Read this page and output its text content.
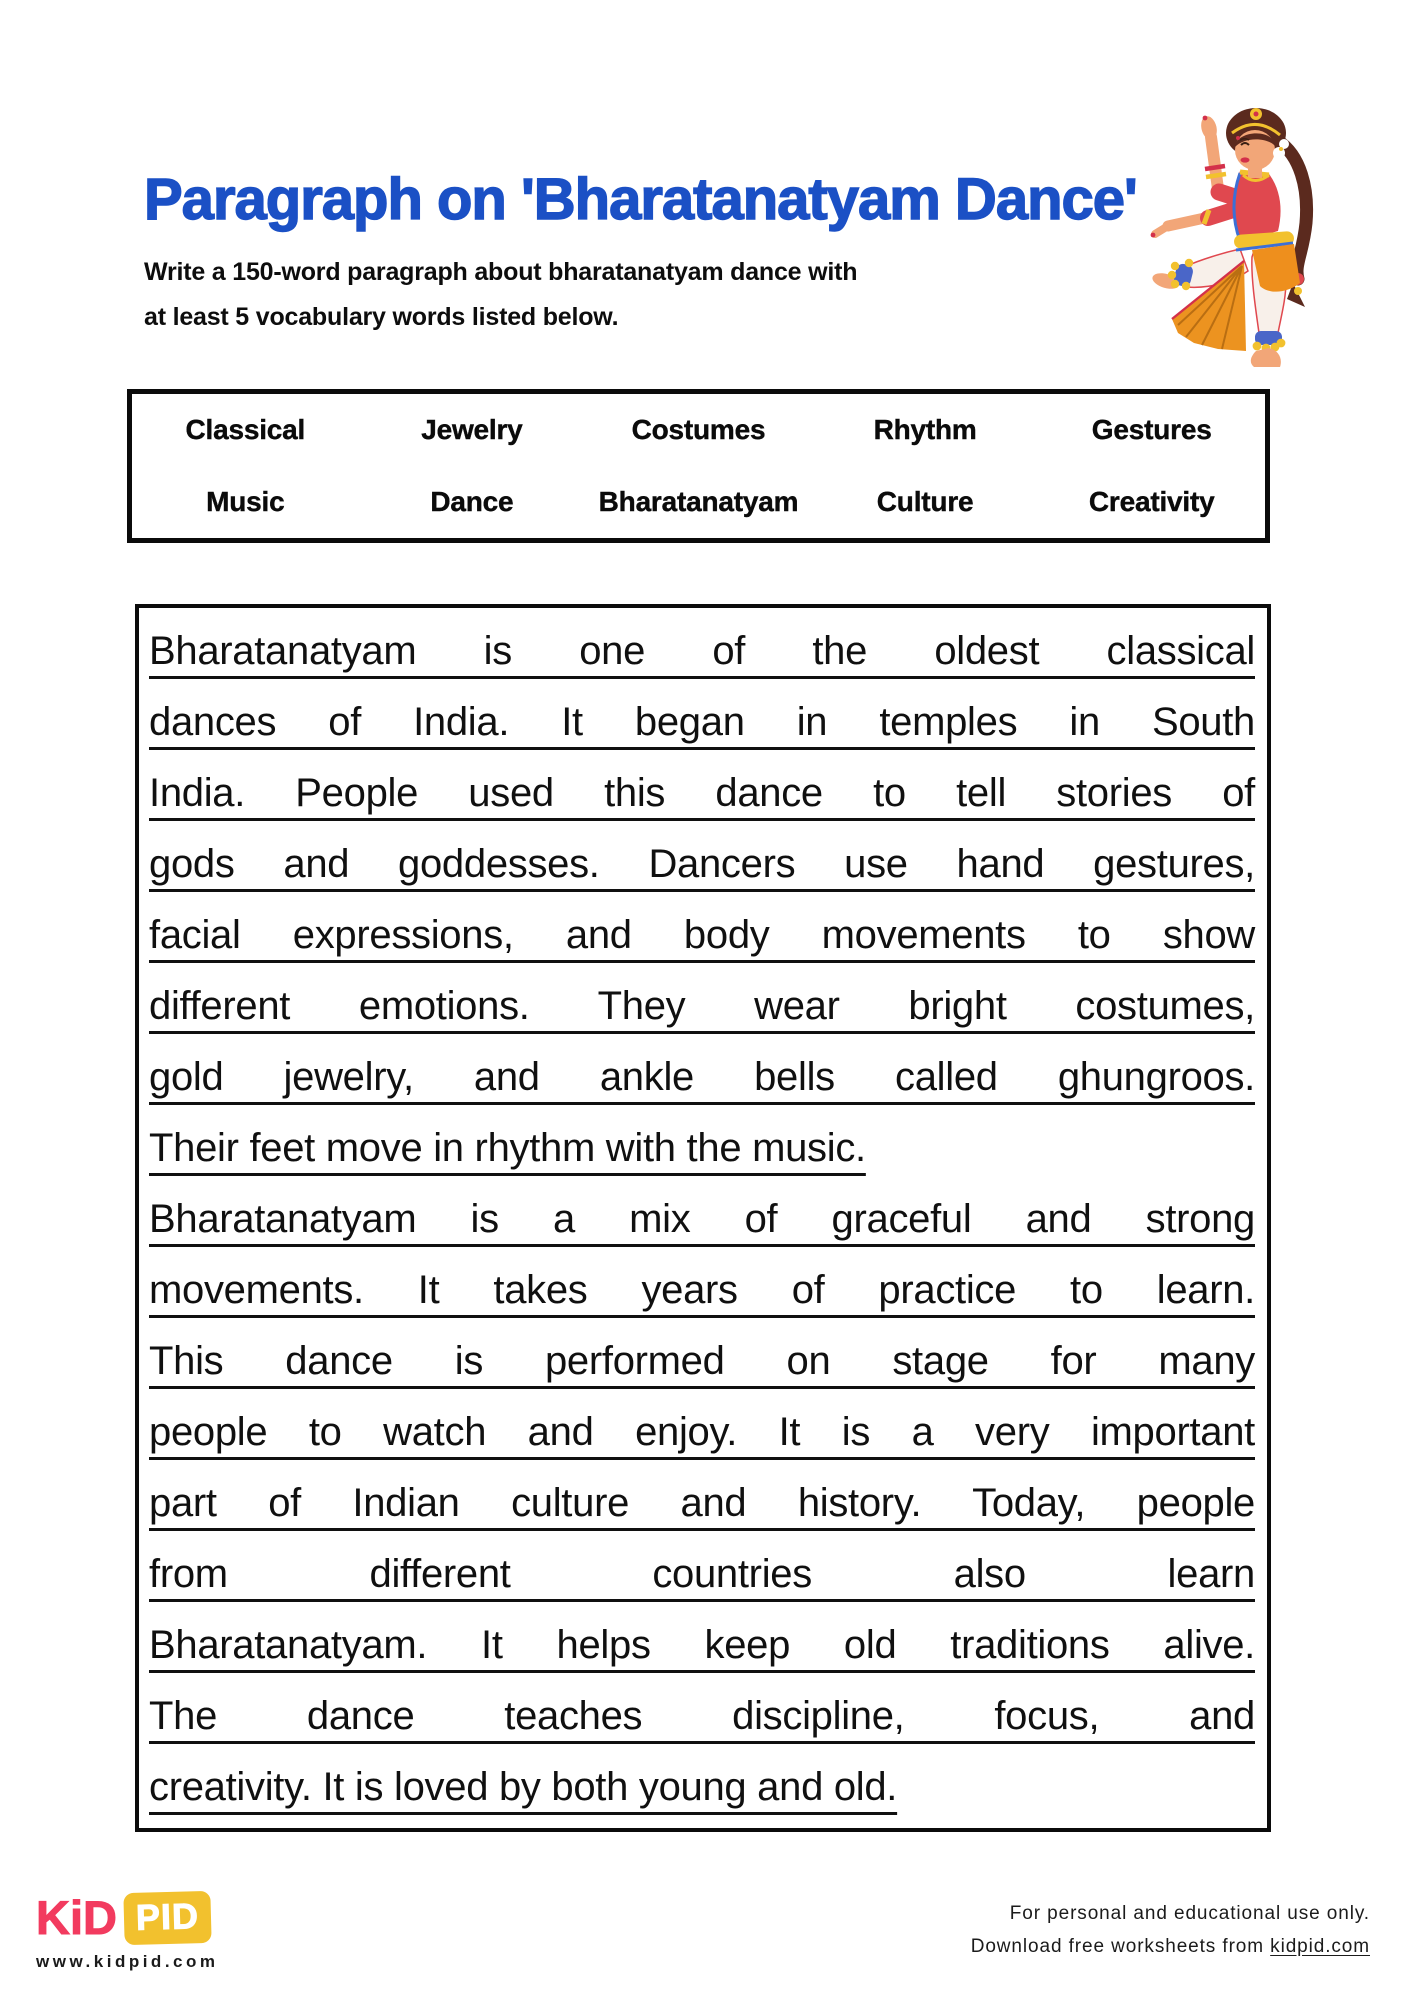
Paragraph on 'Bharatanatyam Dance'
Write a 150-word paragraph about bharatanatyam dance with
at least 5 vocabulary words listed below.
Classical	Jewelry	Costumes	Rhythm	Gestures
Music	Dance	Bharatanatyam	Culture	Creativity
Bharatanatyam is one of the oldest classical
dances of India. It began in temples in South
India. People used this dance to tell stories of
gods and goddesses. Dancers use hand gestures,
facial expressions, and body movements to show
different emotions. They wear bright costumes,
gold jewelry, and ankle bells called ghungroos.
Their feet move in rhythm with the music.
Bharatanatyam is a mix of graceful and strong
movements. It takes years of practice to learn.
This dance is performed on stage for many
people to watch and enjoy. It is a very important
part of Indian culture and history. Today, people
from different countries also learn
Bharatanatyam. It helps keep old traditions alive.
The dance teaches discipline, focus, and
creativity. It is loved by both young and old.
KiD PID
www.kidpid.com
For personal and educational use only.
Download free worksheets from kidpid.com
